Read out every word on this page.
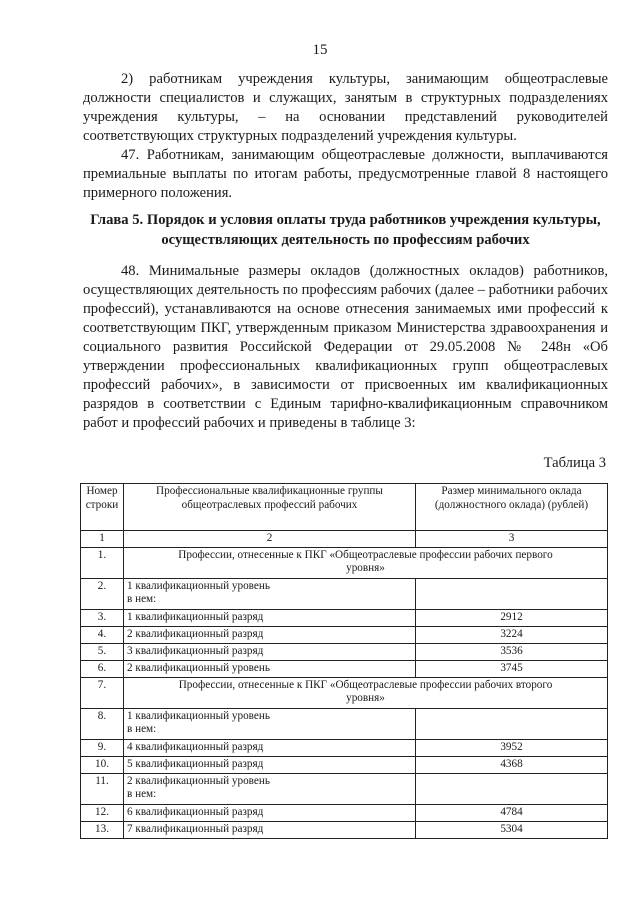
15

2) работникам учреждения культуры, занимающим общеотраслевые должности специалистов и служащих, занятым в структурных подразделениях учреждения культуры, – на основании представлений руководителей соответствующих структурных подразделений учреждения культуры.

47. Работникам, занимающим общеотраслевые должности, выплачиваются премиальные выплаты по итогам работы, предусмотренные главой 8 настоящего примерного положения.

Глава 5. Порядок и условия оплаты труда работников учреждения культуры,
осуществляющих деятельность по профессиям рабочих

48. Минимальные размеры окладов (должностных окладов) работников, осуществляющих деятельность по профессиям рабочих (далее – работники рабочих профессий), устанавливаются на основе отнесения занимаемых ими профессий к соответствующим ПКГ, утвержденным приказом Министерства здравоохранения и социального развития Российской Федерации от 29.05.2008 № 248н «Об утверждении профессиональных квалификационных групп общеотраслевых профессий рабочих», в зависимости от присвоенных им квалификационных разрядов в соответствии с Единым тарифно-квалификационным справочником работ и профессий рабочих и приведены в таблице 3:

Таблица 3
Номер строки	Профессиональные квалификационные группы общеотраслевых профессий рабочих	Размер минимального оклада (должностного оклада) (рублей)
1	2	3
1.	Профессии, отнесенные к ПКГ «Общеотраслевые профессии рабочих первого уровня»	
2.	1 квалификационный уровень
в нем:	
3.	1 квалификационный разряд	2912
4.	2 квалификационный разряд	3224
5.	3 квалификационный разряд	3536
6.	2 квалификационный уровень	3745
7.	Профессии, отнесенные к ПКГ «Общеотраслевые профессии рабочих второго уровня»	
8.	1 квалификационный уровень
в нем:	
9.	4 квалификационный разряд	3952
10.	5 квалификационный разряд	4368
11.	2 квалификационный уровень
в нем:	
12.	6 квалификационный разряд	4784
13.	7 квалификационный разряд	5304
